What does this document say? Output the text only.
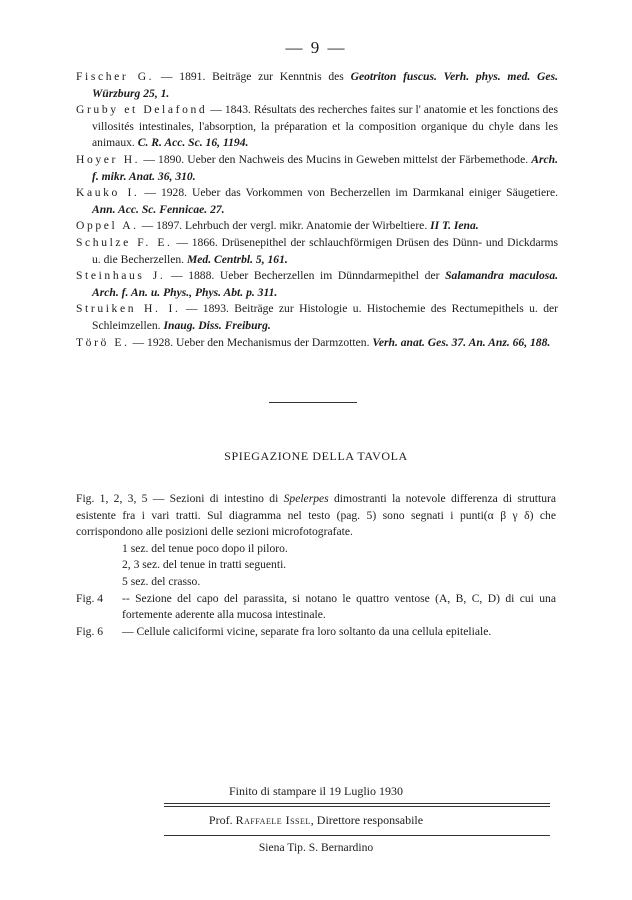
— 9 —

Fischer G. — 1891. Beiträge zur Kenntnis des Geotriton fuscus. Verh. phys. med. Ges. Würzburg 25, 1.

Gruby et Delafond — 1843. Résultats des recherches faites sur l' anatomie et les fonctions des villosités intestinales, l'absorption, la préparation et la composition organique du chyle dans les animaux. C. R. Acc. Sc. 16, 1194.

Hoyer H. — 1890. Ueber den Nachweis des Mucins in Geweben mittelst der Färbemethode. Arch. f. mikr. Anat. 36, 310.

Kauko I. — 1928. Ueber das Vorkommen von Becherzellen im Darmkanal einiger Säugetiere. Ann. Acc. Sc. Fennicae. 27.

Oppel A. — 1897. Lehrbuch der vergl. mikr. Anatomie der Wirbeltiere. II T. Iena.

Schulze F. E. — 1866. Drüsenepithel der schlauchförmigen Drüsen des Dünn- und Dickdarms u. die Becherzellen. Med. Centrbl. 5, 161.

Steinhaus J. — 1888. Ueber Becherzellen im Dünndarmepithel der Salamandra maculosa. Arch. f. An. u. Phys., Phys. Abt. p. 311.

Struiken H. I. — 1893. Beiträge zur Histologie u. Histochemie des Rectumepithels u. der Schleimzellen. Inaug. Diss. Freiburg.

Törö E. — 1928. Ueber den Mechanismus der Darmzotten. Verh. anat. Ges. 37. An. Anz. 66, 188.

SPIEGAZIONE DELLA TAVOLA
Fig. 1, 2, 3, 5 — Sezioni di intestino di Spelerpes dimostranti la notevole differenza di struttura esistente fra i vari tratti. Sul diagramma nel testo (pag. 5) sono segnati i punti(α β γ δ) che corrispondono alle posizioni delle sezioni microfotografate.

1 sez. del tenue poco dopo il piloro.

2, 3 sez. del tenue in tratti seguenti.

5 sez. del crasso.

Fig. 4	-- Sezione del capo del parassita, si notano le quattro ventose (A, B, C, D) di cui una fortemente aderente alla mucosa intestinale.
Fig. 6	— Cellule caliciformi vicine, separate fra loro soltanto da una cellula epiteliale.
Finito di stampare il 19 Luglio 1930
Prof. Raffaele Issel, Direttore responsabile
Siena Tip. S. Bernardino
